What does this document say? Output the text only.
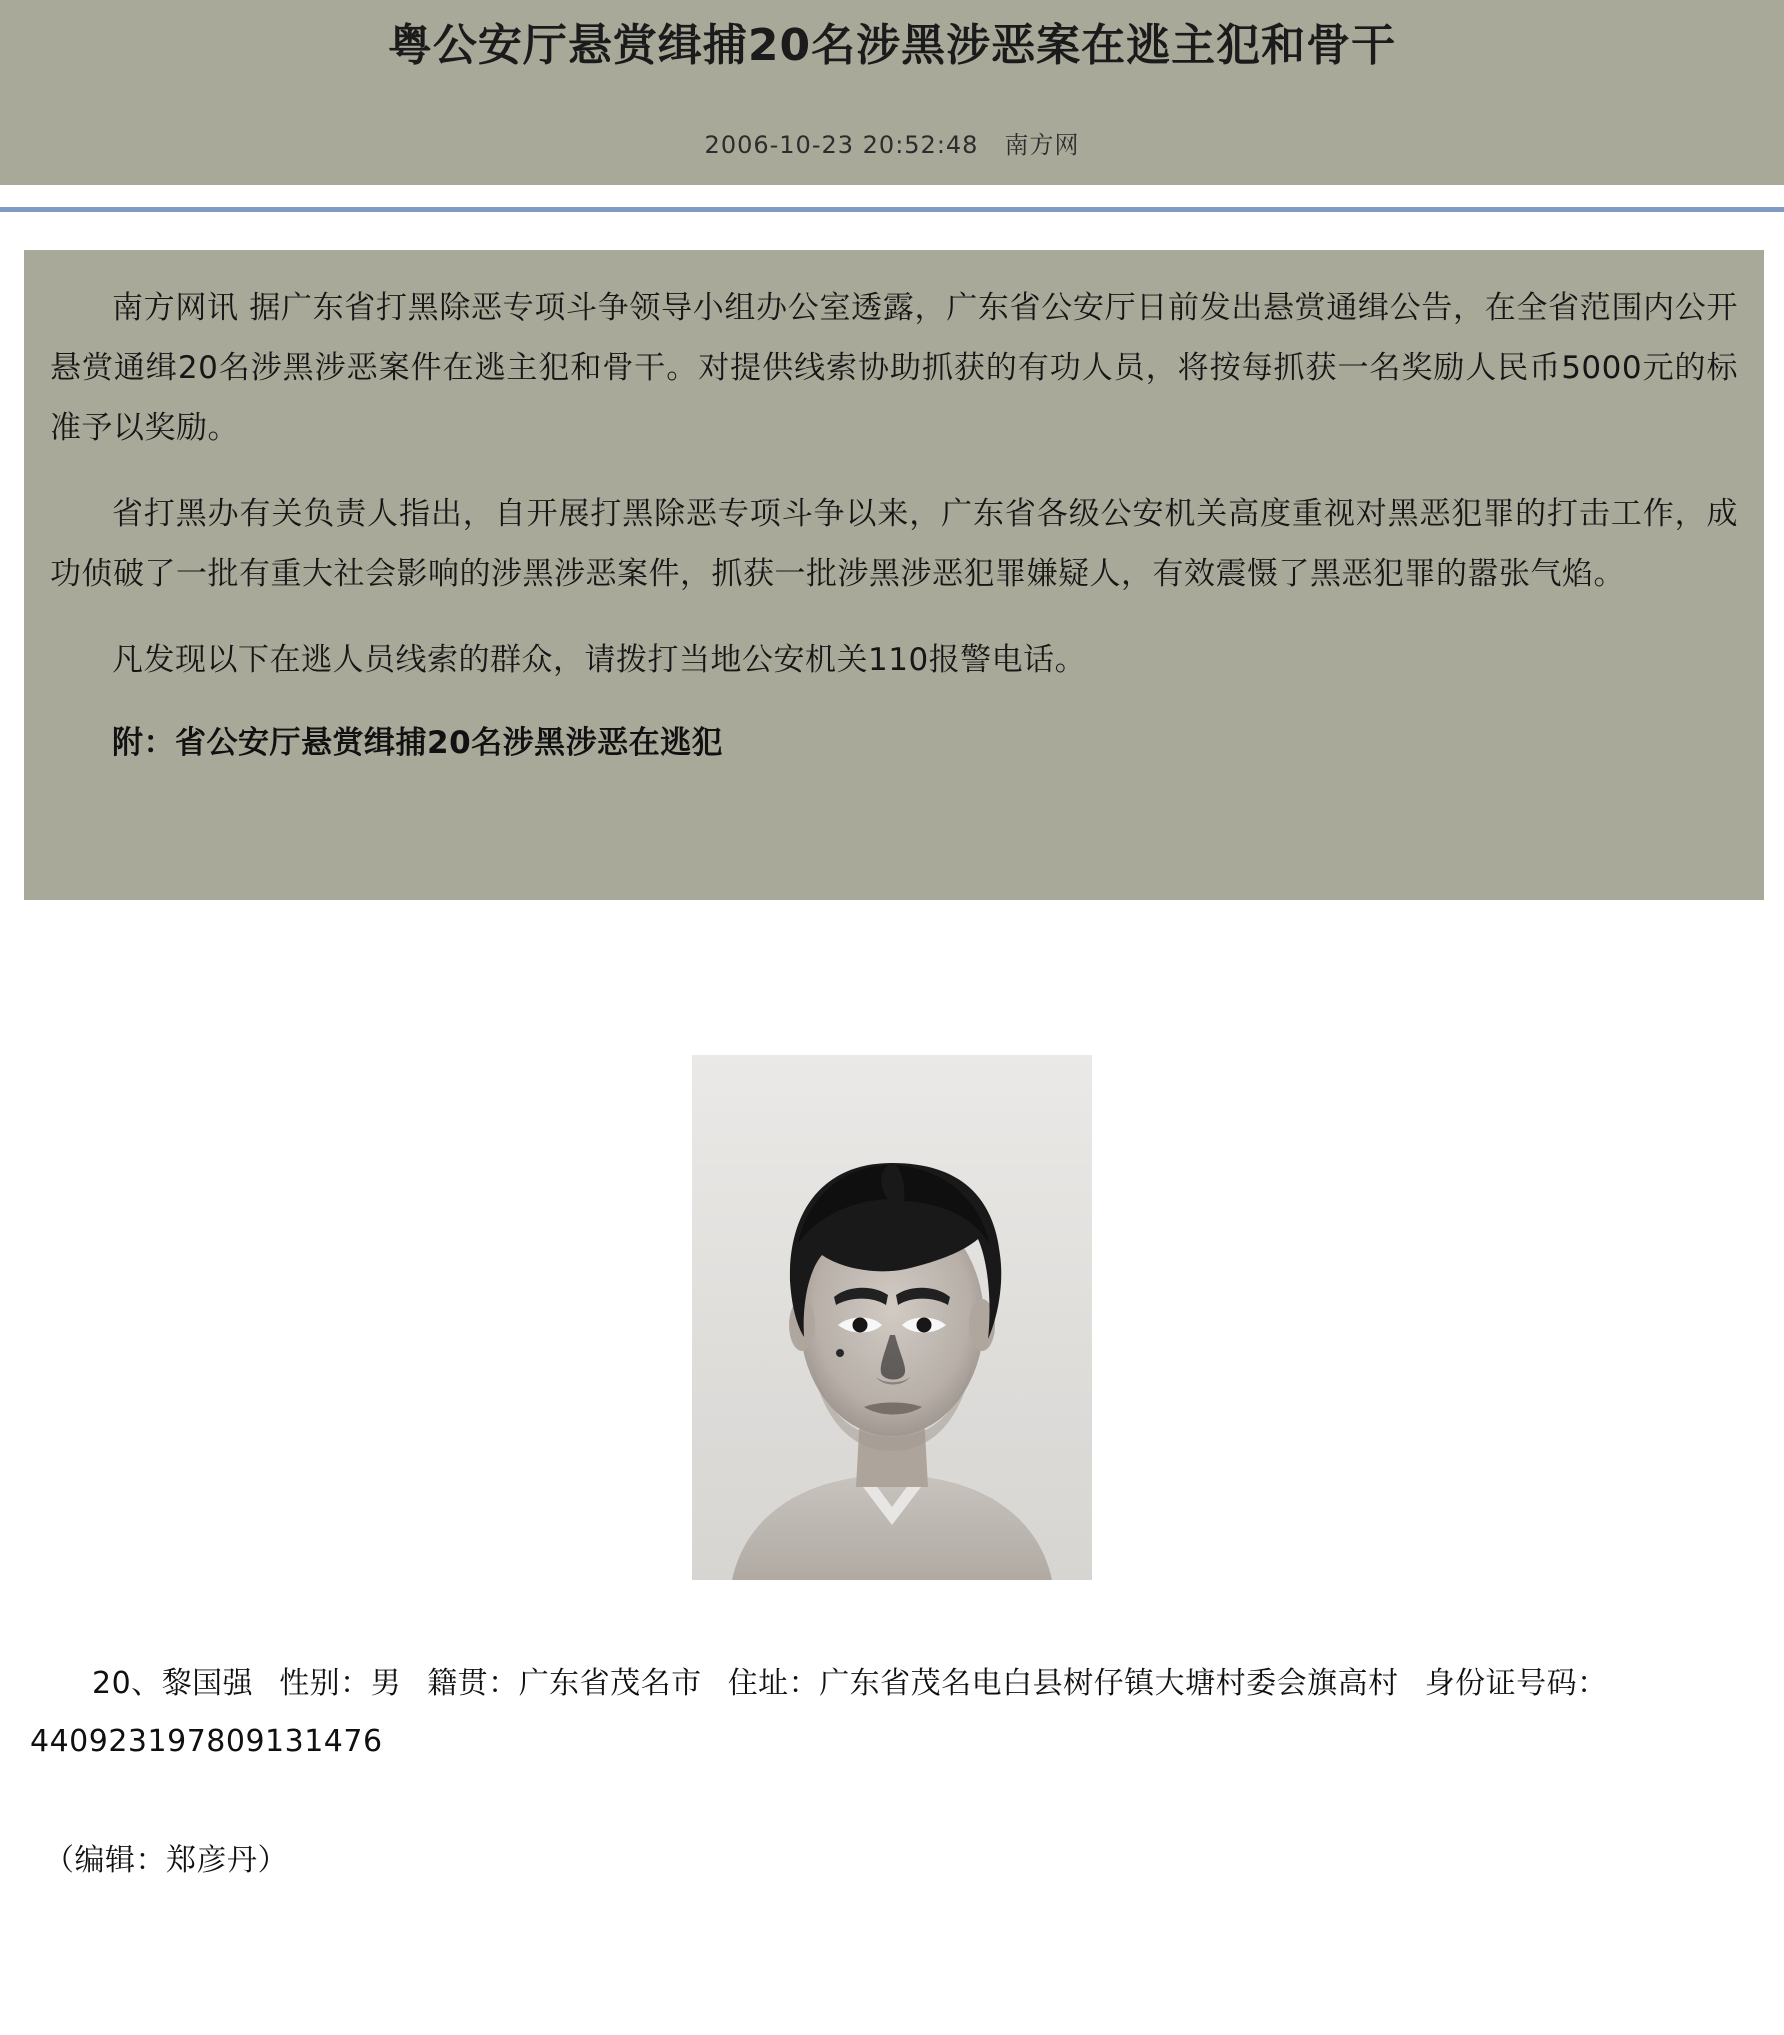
粤公安厅悬赏缉捕20名涉黑涉恶案在逃主犯和骨干
2006-10-23 20:52:48 南方网

南方网讯 据广东省打黑除恶专项斗争领导小组办公室透露，广东省公安厅日前发出悬赏通缉公告，在全省范围内公开悬赏通缉20名涉黑涉恶案件在逃主犯和骨干。对提供线索协助抓获的有功人员，将按每抓获一名奖励人民币5000元的标准予以奖励。

省打黑办有关负责人指出，自开展打黑除恶专项斗争以来，广东省各级公安机关高度重视对黑恶犯罪的打击工作，成功侦破了一批有重大社会影响的涉黑涉恶案件，抓获一批涉黑涉恶犯罪嫌疑人，有效震慑了黑恶犯罪的嚣张气焰。

凡发现以下在逃人员线索的群众，请拨打当地公安机关110报警电话。

附：省公安厅悬赏缉捕20名涉黑涉恶在逃犯

20、黎国强 性别：男 籍贯：广东省茂名市 住址：广东省茂名电白县树仔镇大塘村委会旗高村 身份证号码：440923197809131476
（编辑：郑彦丹）
